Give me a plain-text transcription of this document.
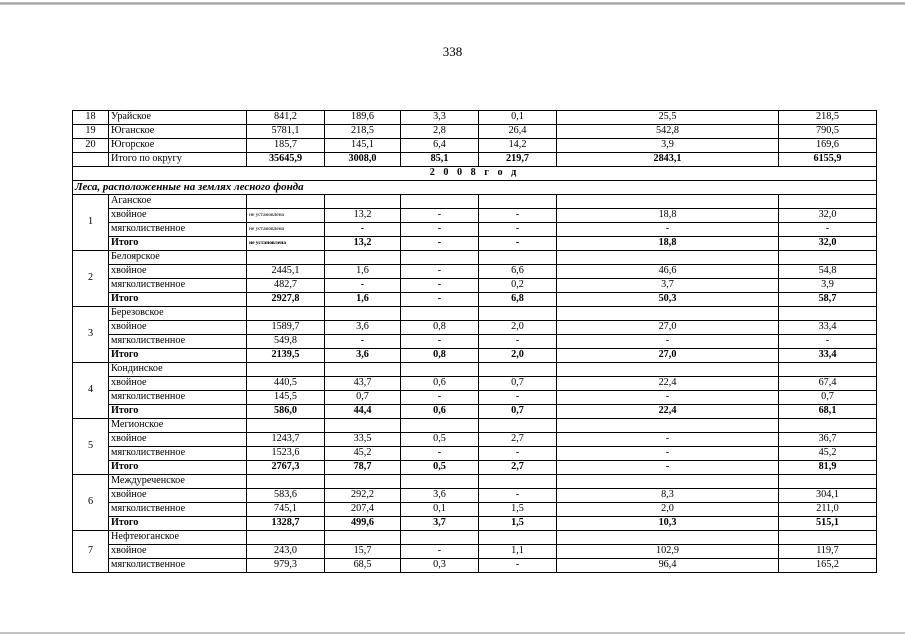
338
18	Урайское	841,2	189,6	3,3	0,1	25,5	218,5
19	Юганское	5781,1	218,5	2,8	26,4	542,8	790,5
20	Югорское	185,7	145,1	6,4	14,2	3,9	169,6
	Итого по округу	35645,9	3008,0	85,1	219,7	2843,1	6155,9
2 0 0 8 г о д							
Леса, расположенные на землях лесного фонда							
1	Аганское						
	хвойное	не установлена	13,2	-	-	18,8	32,0
	мягколиственное	не установлена	-	-	-	-	-
	Итого	не установлена	13,2	-	-	18,8	32,0
2	Белоярское						
	хвойное	2445,1	1,6	-	6,6	46,6	54,8
	мягколиственное	482,7	-	-	0,2	3,7	3,9
	Итого	2927,8	1,6	-	6,8	50,3	58,7
3	Березовское						
	хвойное	1589,7	3,6	0,8	2,0	27,0	33,4
	мягколиственное	549,8	-	-	-	-	-
	Итого	2139,5	3,6	0,8	2,0	27,0	33,4
4	Кондинское						
	хвойное	440,5	43,7	0,6	0,7	22,4	67,4
	мягколиственное	145,5	0,7	-	-	-	0,7
	Итого	586,0	44,4	0,6	0,7	22,4	68,1
5	Мегионское						
	хвойное	1243,7	33,5	0,5	2,7	-	36,7
	мягколиственное	1523,6	45,2	-	-	-	45,2
	Итого	2767,3	78,7	0,5	2,7	-	81,9
6	Междуреченское						
	хвойное	583,6	292,2	3,6	-	8,3	304,1
	мягколиственное	745,1	207,4	0,1	1,5	2,0	211,0
	Итого	1328,7	499,6	3,7	1,5	10,3	515,1
7	Нефтеюганское						
	хвойное	243,0	15,7	-	1,1	102,9	119,7
	мягколиственное	979,3	68,5	0,3	-	96,4	165,2
